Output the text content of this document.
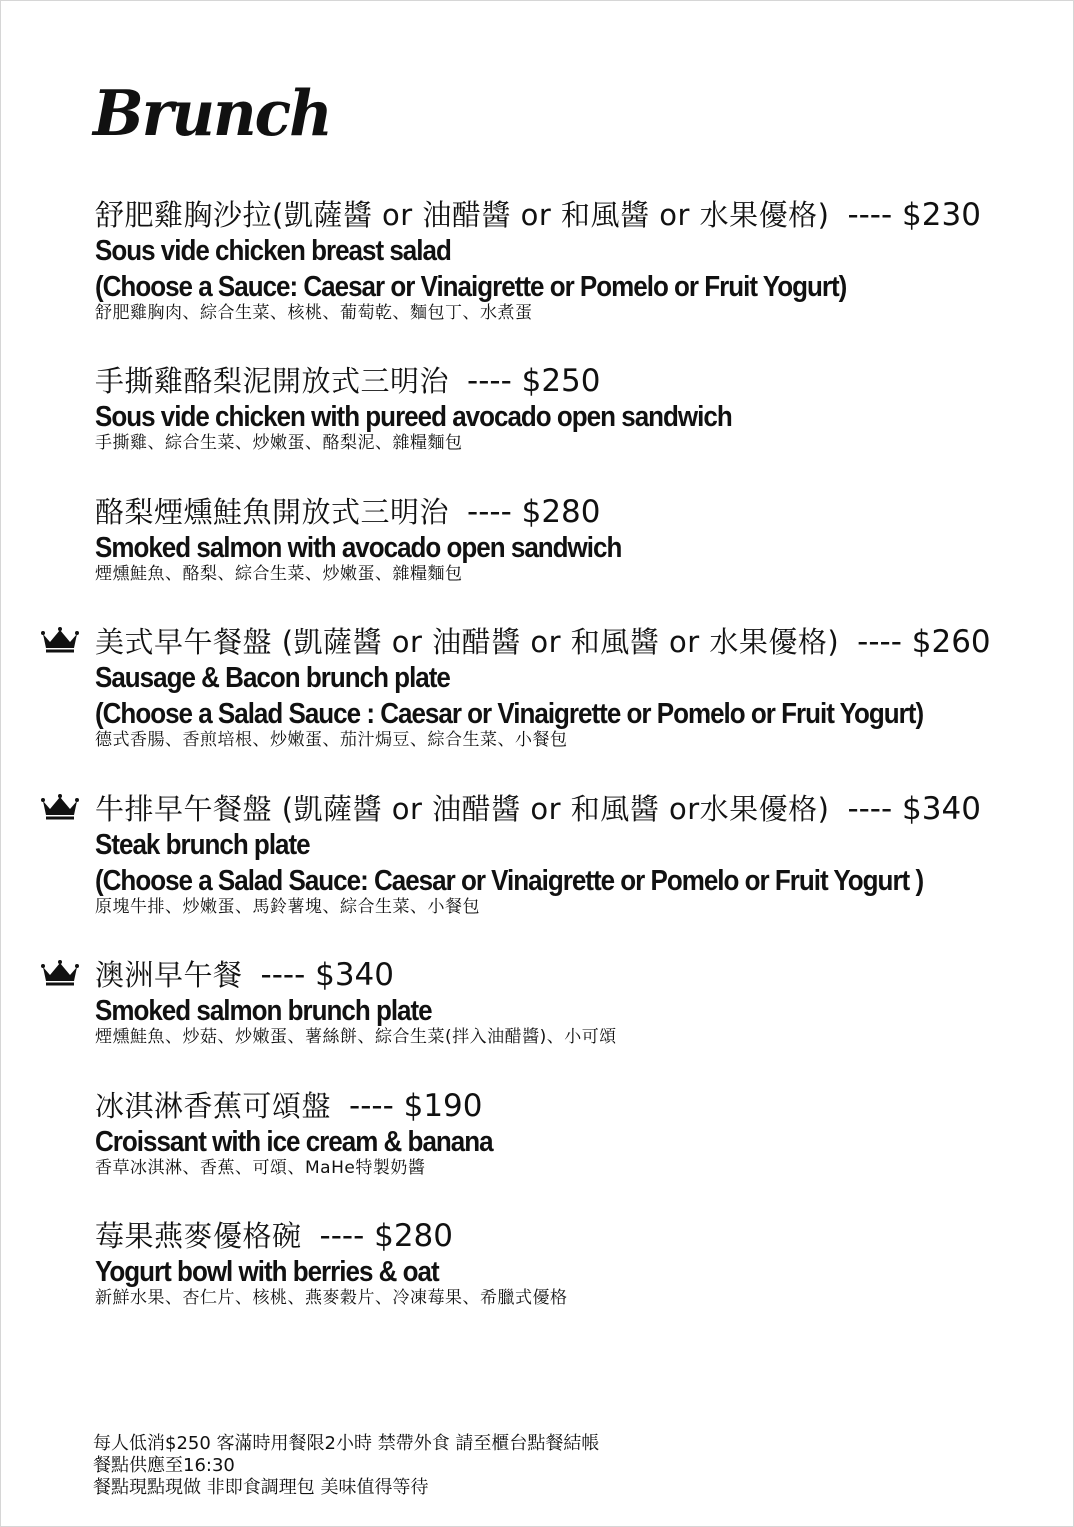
Brunch
舒肥雞胸沙拉(凱薩醬 or 油醋醬 or 和風醬 or 水果優格) ---- $230
Sous vide chicken breast salad
(Choose a Sauce: Caesar or Vinaigrette or Pomelo or Fruit Yogurt)
舒肥雞胸肉、綜合生菜、核桃、葡萄乾、麵包丁、水煮蛋
手撕雞酪梨泥開放式三明治 ---- $250
Sous vide chicken with pureed avocado open sandwich
手撕雞、綜合生菜、炒嫩蛋、酪梨泥、雜糧麵包
酪梨煙燻鮭魚開放式三明治 ---- $280
Smoked salmon with avocado open sandwich
煙燻鮭魚、酪梨、綜合生菜、炒嫩蛋、雜糧麵包
美式早午餐盤 (凱薩醬 or 油醋醬 or 和風醬 or 水果優格) ---- $260
Sausage & Bacon brunch plate
(Choose a Salad Sauce : Caesar or Vinaigrette or Pomelo or Fruit Yogurt)
德式香腸、香煎培根、炒嫩蛋、茄汁焗豆、綜合生菜、小餐包
牛排早午餐盤 (凱薩醬 or 油醋醬 or 和風醬 or水果優格) ---- $340
Steak brunch plate
(Choose a Salad Sauce: Caesar or Vinaigrette or Pomelo or Fruit Yogurt )
原塊牛排、炒嫩蛋、馬鈴薯塊、綜合生菜、小餐包
澳洲早午餐 ---- $340
Smoked salmon brunch plate
煙燻鮭魚、炒菇、炒嫩蛋、薯絲餅、綜合生菜(拌入油醋醬)、小可頌
冰淇淋香蕉可頌盤 ---- $190
Croissant with ice cream & banana
香草冰淇淋、香蕉、可頌、MaHe特製奶醬
莓果燕麥優格碗 ---- $280
Yogurt bowl with berries & oat
新鮮水果、杏仁片、核桃、燕麥穀片、冷凍莓果、希臘式優格
每人低消$250 客滿時用餐限2小時 禁帶外食 請至櫃台點餐結帳
餐點供應至16:30
餐點現點現做 非即食調理包 美味值得等待
